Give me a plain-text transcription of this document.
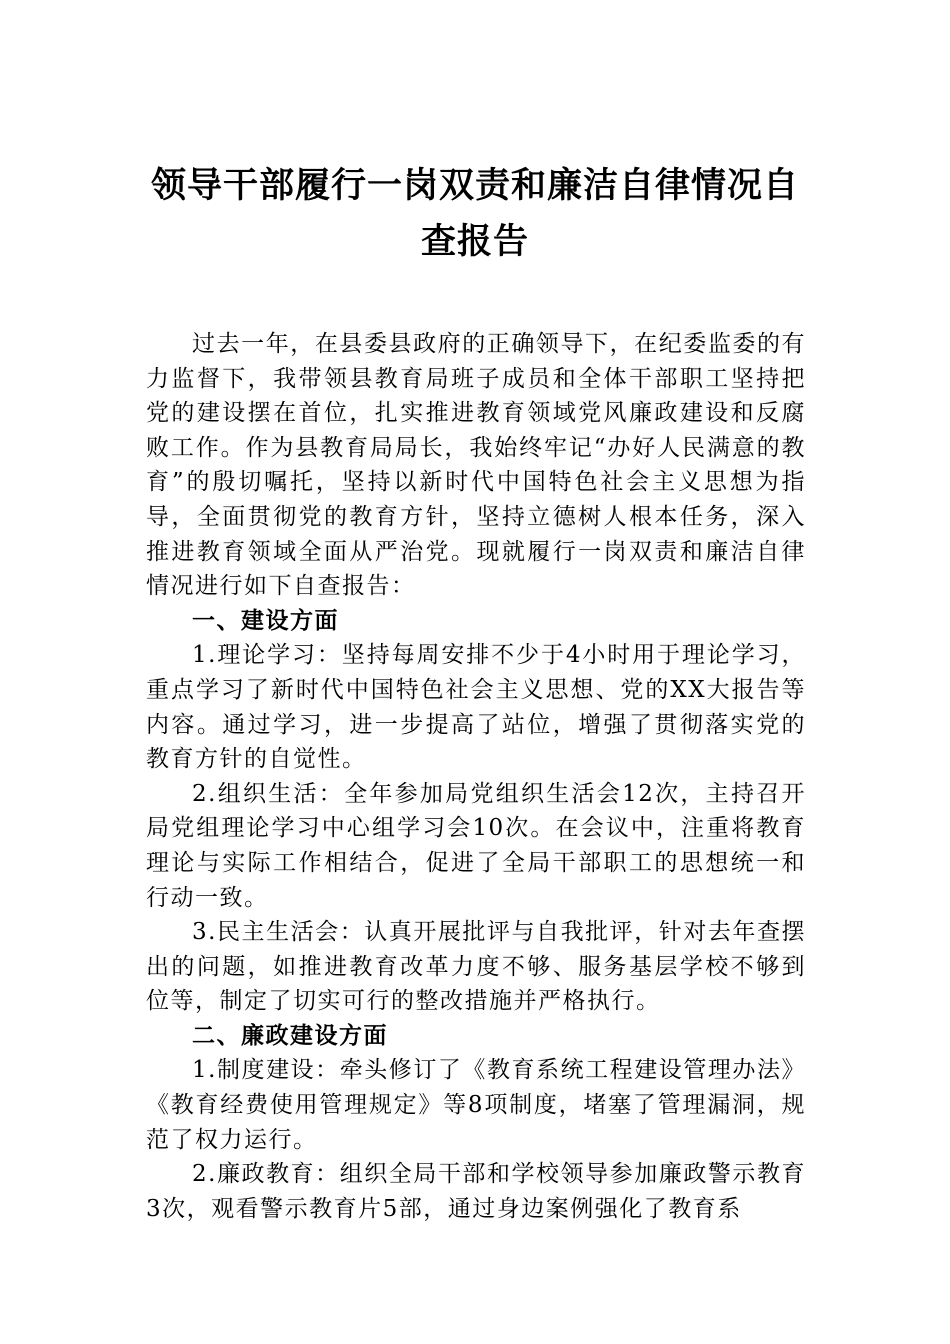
领导干部履行一岗双责和廉洁自律情况自
查报告

过去一年，在县委县政府的正确领导下，在纪委监委的有力监督下，我带领县教育局班子成员和全体干部职工坚持把党的建设摆在首位，扎实推进教育领域党风廉政建设和反腐败工作。作为县教育局局长，我始终牢记“办好人民满意的教育”的殷切嘱托，坚持以新时代中国特色社会主义思想为指导，全面贯彻党的教育方针，坚持立德树人根本任务，深入推进教育领域全面从严治党。现就履行一岗双责和廉洁自律情况进行如下自查报告：

一、建设方面

1.理论学习：坚持每周安排不少于4小时用于理论学习，重点学习了新时代中国特色社会主义思想、党的XX大报告等内容。通过学习，进一步提高了站位，增强了贯彻落实党的教育方针的自觉性。

2.组织生活：全年参加局党组织生活会12次，主持召开局党组理论学习中心组学习会10次。在会议中，注重将教育理论与实际工作相结合，促进了全局干部职工的思想统一和行动一致。

3.民主生活会：认真开展批评与自我批评，针对去年查摆出的问题，如推进教育改革力度不够、服务基层学校不够到位等，制定了切实可行的整改措施并严格执行。

二、廉政建设方面

1.制度建设：牵头修订了《教育系统工程建设管理办法》《教育经费使用管理规定》等8项制度，堵塞了管理漏洞，规范了权力运行。

2.廉政教育：组织全局干部和学校领导参加廉政警示教育3次，观看警示教育片5部，通过身边案例强化了教育系
